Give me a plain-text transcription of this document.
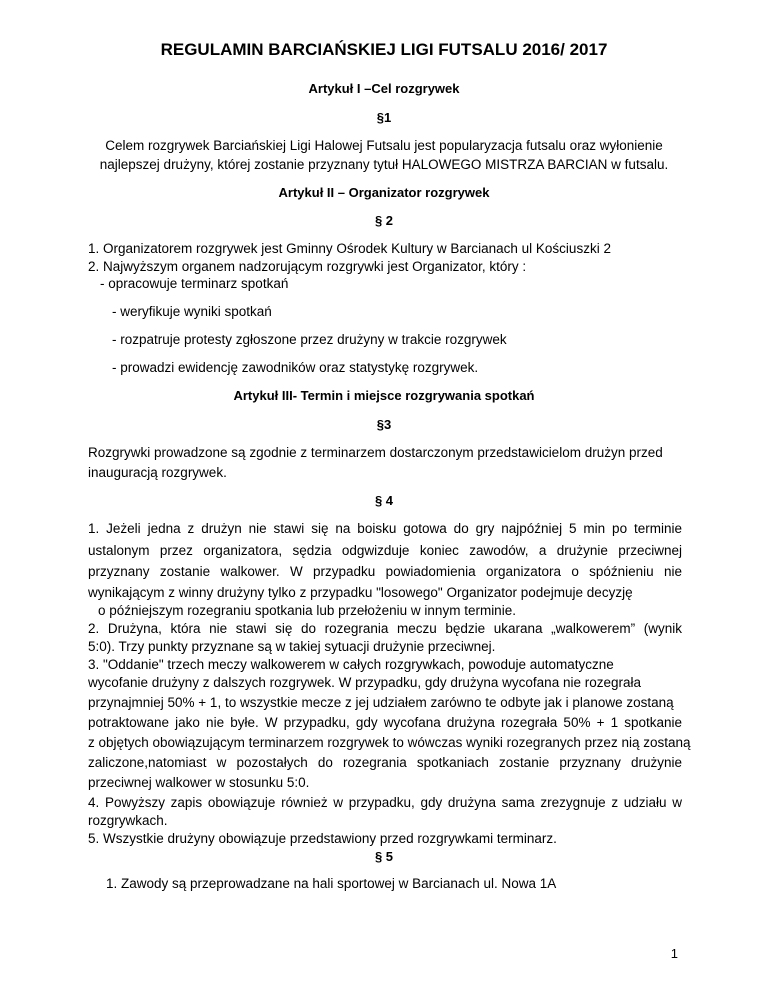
REGULAMIN BARCIAŃSKIEJ LIGI FUTSALU 2016/ 2017
Artykuł I –Cel rozgrywek
§1
Celem rozgrywek Barciańskiej Ligi Halowej Futsalu jest popularyzacja futsalu oraz wyłonienie
najlepszej drużyny, której zostanie przyznany tytuł HALOWEGO MISTRZA BARCIAN w futsalu.
Artykuł II – Organizator rozgrywek
§ 2
1. Organizatorem rozgrywek jest Gminny Ośrodek Kultury w Barcianach ul Kościuszki 2
2. Najwyższym organem nadzorującym rozgrywki jest Organizator, który :
- opracowuje terminarz spotkań
- weryfikuje wyniki spotkań
- rozpatruje protesty zgłoszone przez drużyny w trakcie rozgrywek
- prowadzi ewidencję zawodników oraz statystykę rozgrywek.
Artykuł III- Termin i miejsce rozgrywania spotkań
§3
Rozgrywki prowadzone są zgodnie z terminarzem dostarczonym przedstawicielom drużyn przed
inauguracją rozgrywek.
§ 4
1. Jeżeli jedna z drużyn nie stawi się na boisku gotowa do gry najpóźniej 5 min po terminie
ustalonym przez organizatora, sędzia odgwizduje koniec zawodów, a drużynie przeciwnej
przyznany zostanie walkower. W przypadku powiadomienia organizatora o spóźnieniu nie
wynikającym z winny drużyny tylko z przypadku "losowego" Organizator podejmuje decyzję
o późniejszym rozegraniu spotkania lub przełożeniu w innym terminie.
2. Drużyna, która nie stawi się do rozegrania meczu będzie ukarana „walkowerem” (wynik
5:0). Trzy punkty przyznane są w takiej sytuacji drużynie przeciwnej.
3. "Oddanie" trzech meczy walkowerem w całych rozgrywkach, powoduje automatyczne
wycofanie drużyny z dalszych rozgrywek. W przypadku, gdy drużyna wycofana nie rozegrała
przynajmniej 50% + 1, to wszystkie mecze z jej udziałem zarówno te odbyte jak i planowe zostaną
potraktowane jako nie byłe. W przypadku, gdy wycofana drużyna rozegrała 50% + 1 spotkanie
z objętych obowiązującym terminarzem rozgrywek to wówczas wyniki rozegranych przez nią zostaną
zaliczone,natomiast w pozostałych do rozegrania spotkaniach zostanie przyznany drużynie
przeciwnej walkower w stosunku 5:0.
4. Powyższy zapis obowiązuje również w przypadku, gdy drużyna sama zrezygnuje z udziału w
rozgrywkach.
5. Wszystkie drużyny obowiązuje przedstawiony przed rozgrywkami terminarz.
§ 5
1. Zawody są przeprowadzane na hali sportowej w Barcianach ul. Nowa 1A
1
